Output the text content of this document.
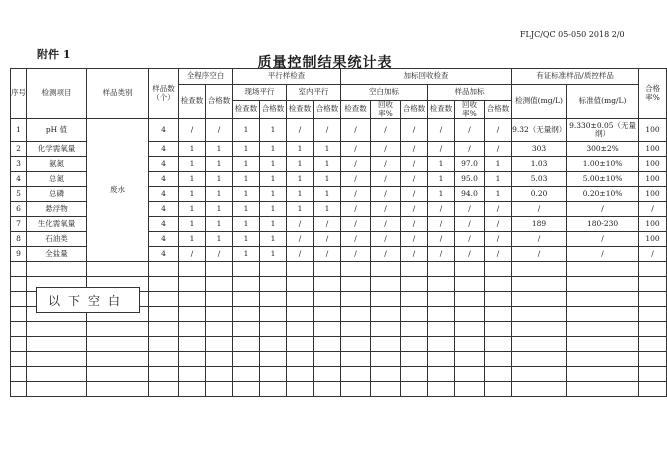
FLJC/QC 05-050 2018 2/0
附件 1
质量控制结果统计表
序号	检测项目	样品类别	样品数（个）	全程序空白		平行样检查				加标回收检查						有证标准样品/质控样品		合格率%
				检查数	合格数	现场平行		室内平行		空白加标			样品加标			检测值(mg/L)	标准值(mg/L)	
						检查数	合格数	检查数	合格数	检查数	回收率%	合格数	检查数	回收率%	合格数			
1	pH 值	废水	4	/	/	1	1	/	/	/	/	/	/	/	/	9.32（无量纲）	9.330±0.05（无量纲）	100
2	化学需氧量		4	1	1	1	1	1	1	/	/	/	/	/	/	303	300±2%	100
3	氨氮		4	1	1	1	1	1	1	/	/	/	1	97.0	1	1.03	1.00±10%	100
4	总氮		4	1	1	1	1	1	1	/	/	/	1	95.0	1	5.03	5.00±10%	100
5	总磷		4	1	1	1	1	1	1	/	/	/	1	94.0	1	0.20	0.20±10%	100
6	悬浮物		4	1	1	1	1	1	1	/	/	/	/	/	/	/	/	/
7	生化需氧量		4	1	1	1	1	/	/	/	/	/	/	/	/	189	180-230	100
8	石油类		4	1	1	1	1	/	/	/	/	/	/	/	/	/	/	100
9	全盐量		4	/	/	1	1	/	/	/	/	/	/	/	/	/	/	/

以下空白
